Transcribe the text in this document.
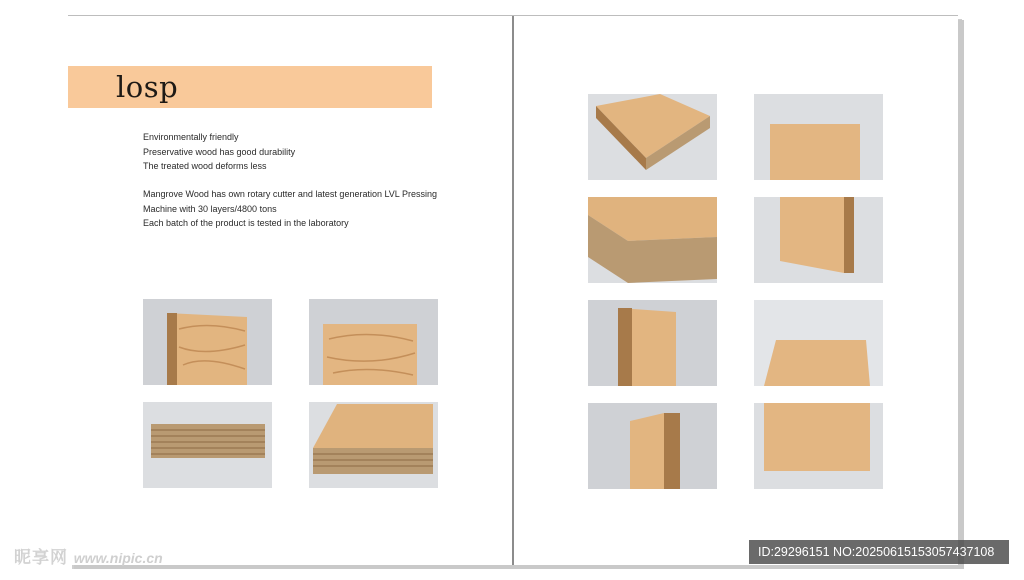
losp
Environmentally friendly
Preservative wood has good durability
The treated wood deforms less
Mangrove Wood has own rotary cutter and latest generation LVL Pressing
Machine with 30 layers/4800 tons
Each batch of the product is tested in the laboratory
昵享网 www.nipic.cn	ID:29296151 NO:20250615153057437108
